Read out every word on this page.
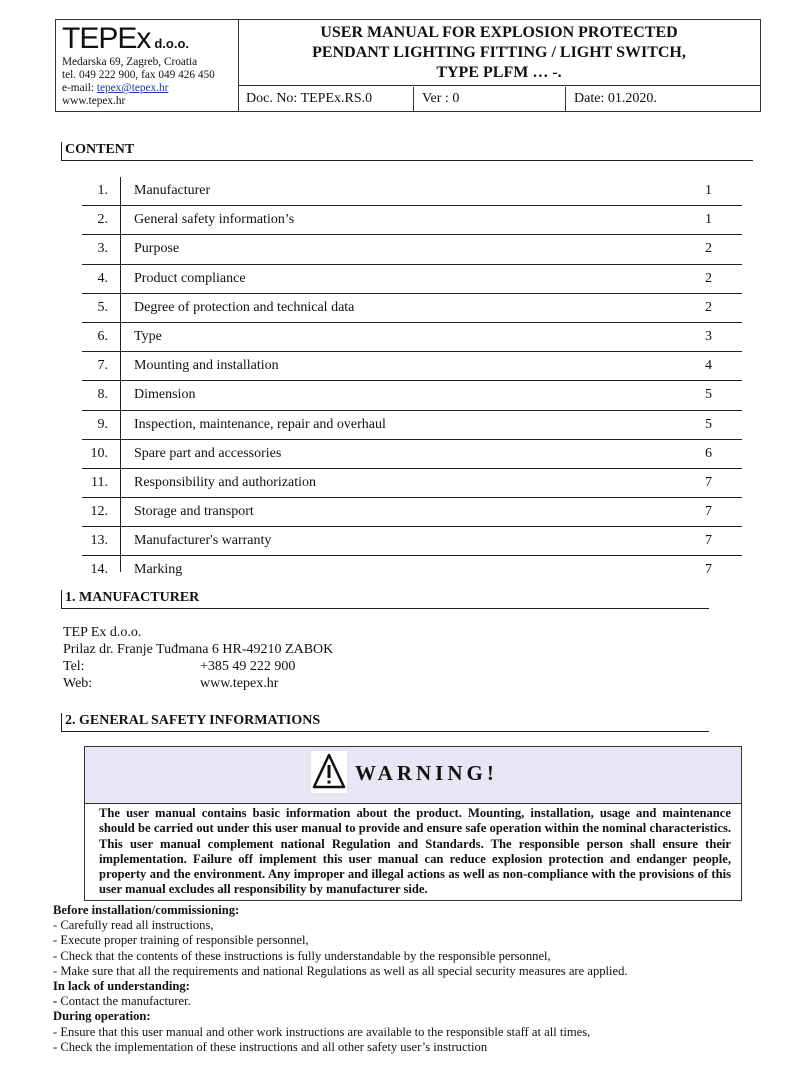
TEPEx d.o.o.
Medarska 69, Zagreb, Croatia
tel. 049 222 900, fax 049 426 450
e-mail: tepex@tepex.hr
www.tepex.hr
USER MANUAL FOR EXPLOSION PROTECTED
PENDANT LIGHTING FITTING / LIGHT SWITCH,
TYPE PLFM … -.
Doc. No: TEPEx.RS.0	Ver : 0	Date: 01.2020.
CONTENT
1. Manufacturer	1
2. General safety information’s	1
3. Purpose	2
4. Product compliance	2
5. Degree of protection and technical data	2
6. Type	3
7. Mounting and installation	4
8. Dimension	5
9. Inspection, maintenance, repair and overhaul	5
10. Spare part and accessories	6
11. Responsibility and authorization	7
12. Storage and transport	7
13. Manufacturer's warranty	7
14. Marking	7
1. MANUFACTURER
TEP Ex d.o.o.
Prilaz dr. Franje Tuđmana 6 HR-49210 ZABOK
Tel:	+385 49 222 900
Web:	www.tepex.hr
2. GENERAL SAFETY INFORMATIONS
WARNING!
The user manual contains basic information about the product. Mounting, installation, usage and maintenance should be carried out under this user manual to provide and ensure safe operation within the nominal characteristics. This user manual complement national Regulation and Standards. The responsible person shall ensure their implementation. Failure off implement this user manual can reduce explosion protection and endanger people, property and the environment. Any improper and illegal actions as well as non-compliance with the provisions of this user manual excludes all responsibility by manufacturer side.
Before installation/commissioning:
- Carefully read all instructions,
- Execute proper training of responsible personnel,
- Check that the contents of these instructions is fully understandable by the responsible personnel,
- Make sure that all the requirements and national Regulations as well as all special security measures are applied.
In lack of understanding:
- Contact the manufacturer.
During operation:
- Ensure that this user manual and other work instructions are available to the responsible staff at all times,
- Check the implementation of these instructions and all other safety user’s instruction
